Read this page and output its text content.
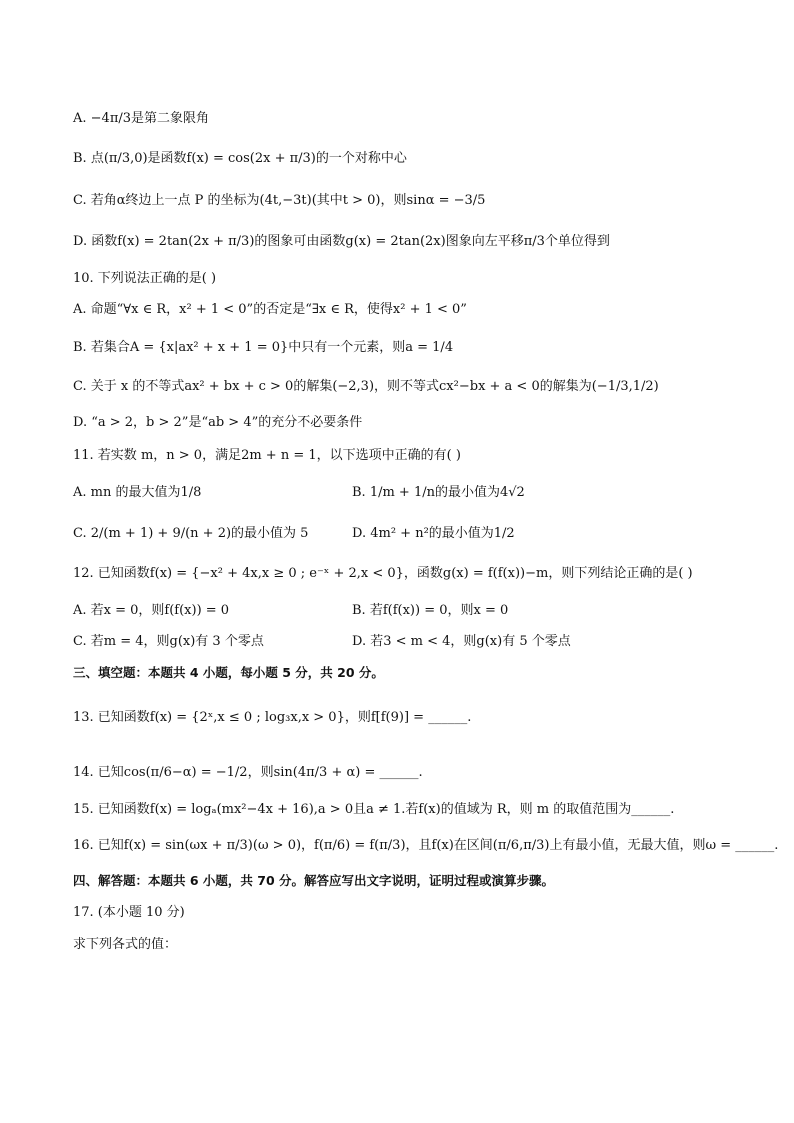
A. −4π/3是第二象限角
B. 点(π/3,0)是函数f(x) = cos(2x + π/3)的一个对称中心
C. 若角α终边上一点 P 的坐标为(4t,−3t)(其中t > 0)，则sinα = −3/5
D. 函数f(x) = 2tan(2x + π/3)的图象可由函数g(x) = 2tan(2x)图象向左平移π/3个单位得到
10. 下列说法正确的是( )
A. 命题“∀x ∈ R，x² + 1 < 0”的否定是“∃x ∈ R，使得x² + 1 < 0”
B. 若集合A = {x|ax² + x + 1 = 0}中只有一个元素，则a = 1/4
C. 关于 x 的不等式ax² + bx + c > 0的解集(−2,3)，则不等式cx²−bx + a < 0的解集为(−1/3,1/2)
D. “a > 2，b > 2”是“ab > 4”的充分不必要条件
11. 若实数 m，n > 0，满足2m + n = 1，以下选项中正确的有( )
A. mn 的最大值为1/8	B. 1/m + 1/n的最小值为4√2
C. 2/(m + 1) + 9/(n + 2)的最小值为 5	D. 4m² + n²的最小值为1/2
12. 已知函数f(x) = {−x² + 4x,x ≥ 0 ; e⁻ˣ + 2,x < 0}，函数g(x) = f(f(x))−m，则下列结论正确的是( )
A. 若x = 0，则f(f(x)) = 0	B. 若f(f(x)) = 0，则x = 0
C. 若m = 4，则g(x)有 3 个零点	D. 若3 < m < 4，则g(x)有 5 个零点
三、填空题：本题共 4 小题，每小题 5 分，共 20 分。
13. 已知函数f(x) = {2ˣ,x ≤ 0 ; log₃x,x > 0}，则f[f(9)] = ______.
14. 已知cos(π/6−α) = −1/2，则sin(4π/3 + α) = ______.
15. 已知函数f(x) = logₐ(mx²−4x + 16),a > 0且a ≠ 1.若f(x)的值域为 R，则 m 的取值范围为______.
16. 已知f(x) = sin(ωx + π/3)(ω > 0)，f(π/6) = f(π/3)，且f(x)在区间(π/6,π/3)上有最小值，无最大值，则ω = ______.
四、解答题：本题共 6 小题，共 70 分。解答应写出文字说明，证明过程或演算步骤。
17. (本小题 10 分)
求下列各式的值：
